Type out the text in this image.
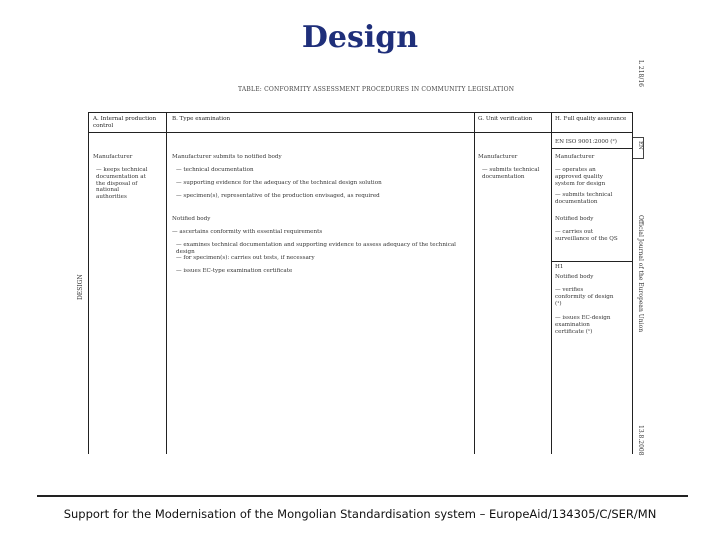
Design
TABLE: CONFORMITY ASSESSMENT PROCEDURES IN COMMUNITY LEGISLATION
DESIGN
L 218/16
EN
Official Journal of the European Union
13.8.2008
A. Internal production control
Manufacturer
— keeps technical documentation at the disposal of national authorities
B. Type examination
Manufacturer submits to notified body
— technical documentation
— supporting evidence for the adequacy of the technical design solution
— specimen(s), representative of the production envisaged, as required
Notified body
— ascertains conformity with essential requirements
— examines technical documentation and supporting evidence to assess adequacy of the technical design
— for specimen(s): carries out tests, if necessary
— issues EC-type examination certificate
G. Unit verification
Manufacturer
— submits technical documentation
H. Full quality assurance
EN ISO 9001:2000 (²)
Manufacturer
— operates an approved quality system for design
— submits technical documentation
Notified body
— carries out surveillance of the QS
H1
Notified body
— verifies conformity of design (¹)
— issues EC-design examination certificate (¹)
Support for the Modernisation of the Mongolian Standardisation system – EuropeAid/134305/C/SER/MN
